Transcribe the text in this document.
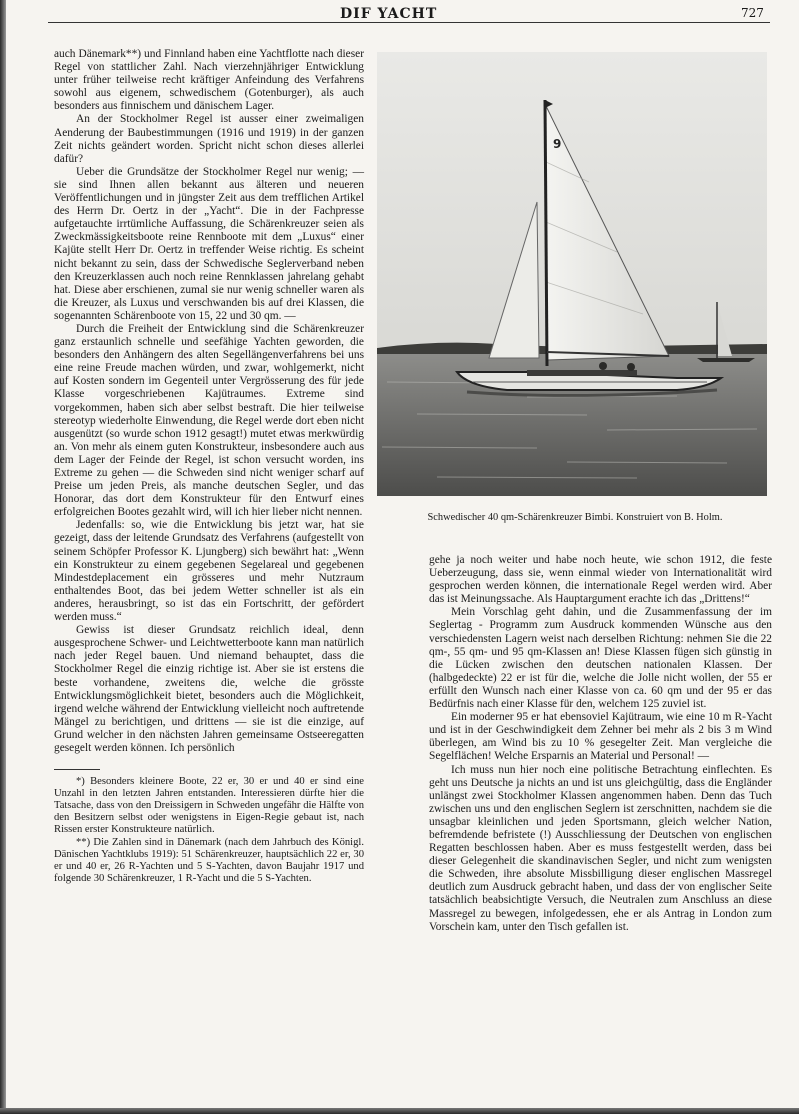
DIF YACHT	727

auch Dänemark**) und Finnland haben eine Yachtflotte nach dieser Regel von stattlicher Zahl. Nach vierzehnjähriger Entwicklung unter früher teilweise recht kräftiger Anfeindung des Verfahrens sowohl aus eigenem, schwedischem (Gotenburger), als auch besonders aus finnischem und dänischem Lager.

An der Stockholmer Regel ist ausser einer zweimaligen Aenderung der Baubestimmungen (1916 und 1919) in der ganzen Zeit nichts geändert worden. Spricht nicht schon dieses allerlei dafür?

Ueber die Grundsätze der Stockholmer Regel nur wenig; — sie sind Ihnen allen bekannt aus älteren und neueren Veröffentlichungen und in jüngster Zeit aus dem trefflichen Artikel des Herrn Dr. Oertz in der „Yacht“. Die in der Fachpresse aufgetauchte irrtümliche Auffassung, die Schärenkreuzer seien als Zweckmässigkeitsboote reine Rennboote mit dem „Luxus“ einer Kajüte stellt Herr Dr. Oertz in treffender Weise richtig. Es scheint nicht bekannt zu sein, dass der Schwedische Seglerverband neben den Kreuzerklassen auch noch reine Rennklassen jahrelang gehabt hat. Diese aber erschienen, zumal sie nur wenig schneller waren als die Kreuzer, als Luxus und verschwanden bis auf drei Klassen, die sogenannten Schärenboote von 15, 22 und 30 qm. —

Durch die Freiheit der Entwicklung sind die Schärenkreuzer ganz erstaunlich schnelle und seefähige Yachten geworden, die besonders den Anhängern des alten Segellängenverfahrens bei uns eine reine Freude machen würden, und zwar, wohlgemerkt, nicht auf Kosten sondern im Gegenteil unter Vergrösserung des für jede Klasse vorgeschriebenen Kajütraumes. Extreme sind vorgekommen, haben sich aber selbst bestraft. Die hier teilweise stereotyp wiederholte Einwendung, die Regel werde dort eben nicht ausgenützt (so wurde schon 1912 gesagt!) mutet etwas merkwürdig an. Von mehr als einem guten Konstrukteur, insbesondere auch aus dem Lager der Feinde der Regel, ist schon versucht worden, ins Extreme zu gehen — die Schweden sind nicht weniger scharf auf Preise um jeden Preis, als manche deutschen Segler, und das Honorar, das dort dem Konstrukteur für den Entwurf eines erfolgreichen Bootes gezahlt wird, will ich hier lieber nicht nennen.

Jedenfalls: so, wie die Entwicklung bis jetzt war, hat sie gezeigt, dass der leitende Grundsatz des Verfahrens (aufgestellt von seinem Schöpfer Professor K. Ljungberg) sich bewährt hat: „Wenn ein Konstrukteur zu einem gegebenen Segelareal und gegebenen Mindestdeplacement ein grösseres und mehr Nutzraum enthaltendes Boot, das bei jedem Wetter schneller ist als ein anderes, herausbringt, so ist das ein Fortschritt, der gefördert werden muss.“

Gewiss ist dieser Grundsatz reichlich ideal, denn ausgesprochene Schwer- und Leichtwetterboote kann man natürlich nach jeder Regel bauen. Und niemand behauptet, dass die Stockholmer Regel die einzig richtige ist. Aber sie ist erstens die beste vorhandene, zweitens die, welche die grösste Entwicklungsmöglichkeit bietet, besonders auch die Möglichkeit, irgend welche während der Entwicklung vielleicht noch auftretende Mängel zu berichtigen, und drittens — sie ist die einzige, auf Grund welcher in den nächsten Jahren gemeinsame Ostseeregatten gesegelt werden können. Ich persönlich

*) Besonders kleinere Boote, 22 er, 30 er und 40 er sind eine Unzahl in den letzten Jahren entstanden. Interessieren dürfte hier die Tatsache, dass von den Dreissigern in Schweden ungefähr die Hälfte von den Besitzern selbst oder wenigstens in Eigen-Regie gebaut ist, nach Rissen erster Konstrukteure natürlich.

**) Die Zahlen sind in Dänemark (nach dem Jahrbuch des Königl. Dänischen Yachtklubs 1919): 51 Schärenkreuzer, hauptsächlich 22 er, 30 er und 40 er, 26 R-Yachten und 5 S-Yachten, davon Baujahr 1917 und folgende 30 Schärenkreuzer, 1 R-Yacht und die 5 S-Yachten.

9
Schwedischer 40 qm-Schärenkreuzer Bimbi. Konstruiert von B. Holm.

gehe ja noch weiter und habe noch heute, wie schon 1912, die feste Ueberzeugung, dass sie, wenn einmal wieder von Internationalität wird gesprochen werden können, die internationale Regel werden wird. Aber das ist Meinungssache. Als Hauptargument erachte ich das „Drittens!“

Mein Vorschlag geht dahin, und die Zusammenfassung der im Seglertag - Programm zum Ausdruck kommenden Wünsche aus den verschiedensten Lagern weist nach derselben Richtung: nehmen Sie die 22 qm-, 55 qm- und 95 qm-Klassen an! Diese Klassen fügen sich günstig in die Lücken zwischen den deutschen nationalen Klassen. Der (halbgedeckte) 22 er ist für die, welche die Jolle nicht wollen, der 55 er erfüllt den Wunsch nach einer Klasse von ca. 60 qm und der 95 er das Bedürfnis nach einer Klasse für den, welchem 125 zuviel ist.

Ein moderner 95 er hat ebensoviel Kajütraum, wie eine 10 m R-Yacht und ist in der Geschwindigkeit dem Zehner bei mehr als 2 bis 3 m Wind überlegen, am Wind bis zu 10 % gesegelter Zeit. Man vergleiche die Segelflächen! Welche Ersparnis an Material und Personal! —

Ich muss nun hier noch eine politische Betrachtung einflechten. Es geht uns Deutsche ja nichts an und ist uns gleichgültig, dass die Engländer unlängst zwei Stockholmer Klassen angenommen haben. Denn das Tuch zwischen uns und den englischen Seglern ist zerschnitten, nachdem sie die unsagbar kleinlichen und jeden Sportsmann, gleich welcher Nation, befremdende befristete (!) Ausschliessung der Deutschen von englischen Regatten beschlossen haben. Aber es muss festgestellt werden, dass bei dieser Gelegenheit die skandinavischen Segler, und nicht zum wenigsten die Schweden, ihre absolute Missbilligung dieser englischen Massregel deutlich zum Ausdruck gebracht haben, und dass der von englischer Seite tatsächlich beabsichtigte Versuch, die Neutralen zum Anschluss an diese Massregel zu bewegen, infolgedessen, ehe er als Antrag in London zum Vorschein kam, unter den Tisch gefallen ist.
